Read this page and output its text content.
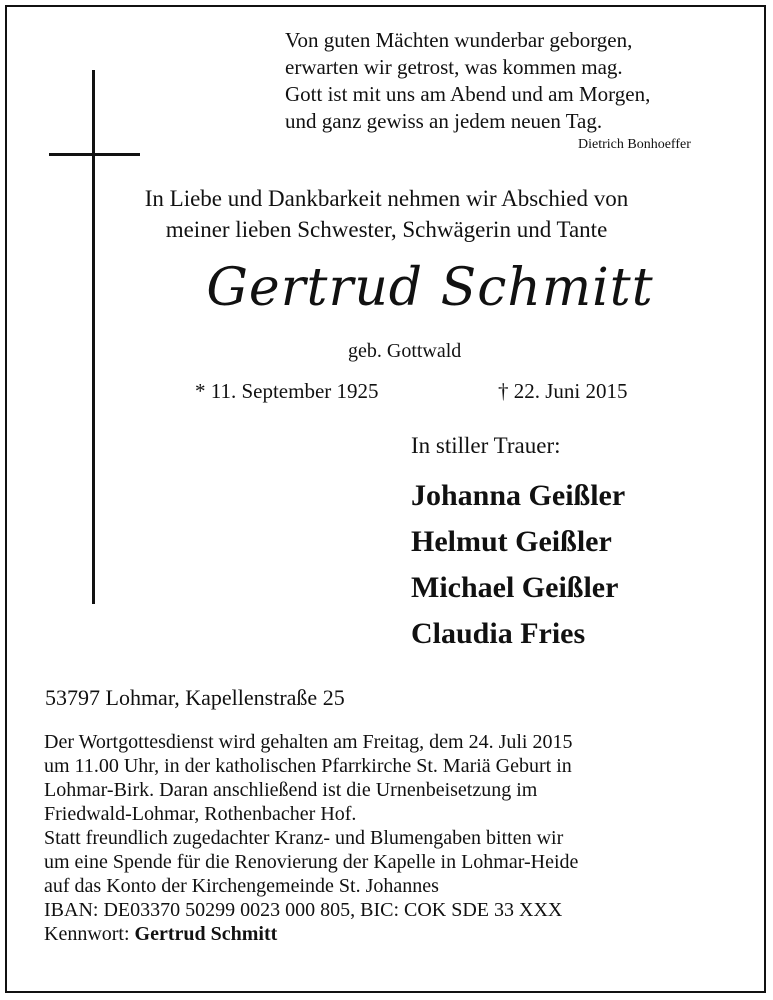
Von guten Mächten wunderbar geborgen,
erwarten wir getrost, was kommen mag.
Gott ist mit uns am Abend und am Morgen,
und ganz gewiss an jedem neuen Tag.
Dietrich Bonhoeffer
In Liebe und Dankbarkeit nehmen wir Abschied von
meiner lieben Schwester, Schwägerin und Tante
Gertrud Schmitt
geb. Gottwald
* 11. September 1925	† 22. Juni 2015
In stiller Trauer:
Johanna Geißler
Helmut Geißler
Michael Geißler
Claudia Fries
53797 Lohmar, Kapellenstraße 25
Der Wortgottesdienst wird gehalten am Freitag, dem 24. Juli 2015
um 11.00 Uhr, in der katholischen Pfarrkirche St. Mariä Geburt in
Lohmar-Birk. Daran anschließend ist die Urnenbeisetzung im
Friedwald-Lohmar, Rothenbacher Hof.
Statt freundlich zugedachter Kranz- und Blumengaben bitten wir
um eine Spende für die Renovierung der Kapelle in Lohmar-Heide
auf das Konto der Kirchengemeinde St. Johannes
IBAN: DE03370 50299 0023 000 805, BIC: COK SDE 33 XXX
Kennwort: Gertrud Schmitt
